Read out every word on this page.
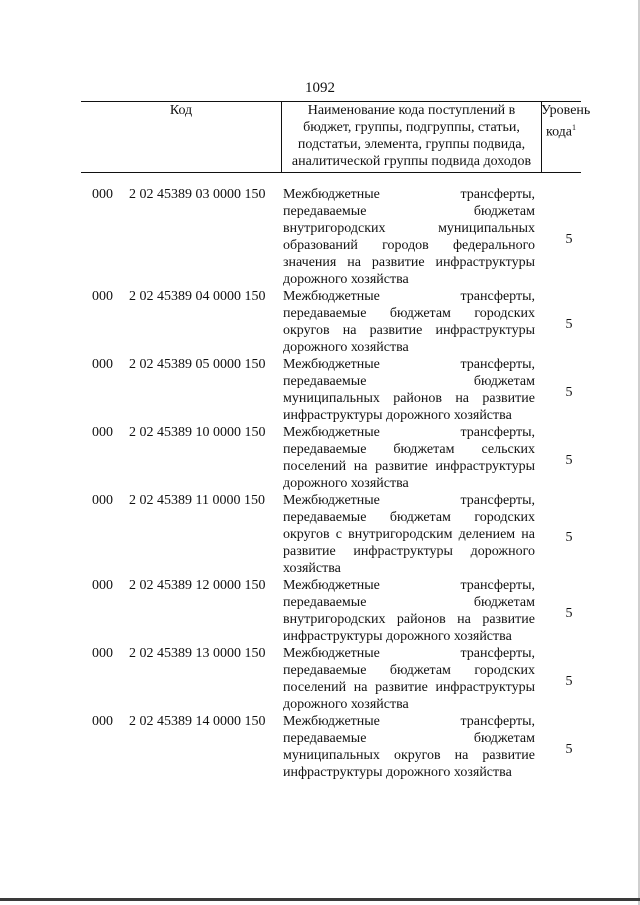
1092
Код	Наименование кода поступлений в
бюджет, группы, подгруппы, статьи,
подстатьи, элемента, группы подвида,
аналитической группы подвида доходов
Уровень
кода$^1$
000 2 02 45389 03 0000 150 Межбюджетные трансферты,
передаваемые бюджетам
внутригородских муниципальных
образований городов федерального
значения на развитие инфраструктуры
дорожного хозяйства
5
000 2 02 45389 04 0000 150 Межбюджетные трансферты,
передаваемые бюджетам городских
округов на развитие инфраструктуры
дорожного хозяйства
5
000 2 02 45389 05 0000 150 Межбюджетные трансферты,
передаваемые бюджетам
муниципальных районов на развитие
инфраструктуры дорожного хозяйства
5
000 2 02 45389 10 0000 150 Межбюджетные трансферты,
передаваемые бюджетам сельских
поселений на развитие инфраструктуры
дорожного хозяйства
5
000 2 02 45389 11 0000 150 Межбюджетные трансферты,
передаваемые бюджетам городских
округов с внутригородским делением на
развитие инфраструктуры дорожного
хозяйства
5
000 2 02 45389 12 0000 150 Межбюджетные трансферты,
передаваемые бюджетам
внутригородских районов на развитие
инфраструктуры дорожного хозяйства
5
000 2 02 45389 13 0000 150 Межбюджетные трансферты,
передаваемые бюджетам городских
поселений на развитие инфраструктуры
дорожного хозяйства
5
000 2 02 45389 14 0000 150 Межбюджетные трансферты,
передаваемые бюджетам
муниципальных округов на развитие
инфраструктуры дорожного хозяйства
5
